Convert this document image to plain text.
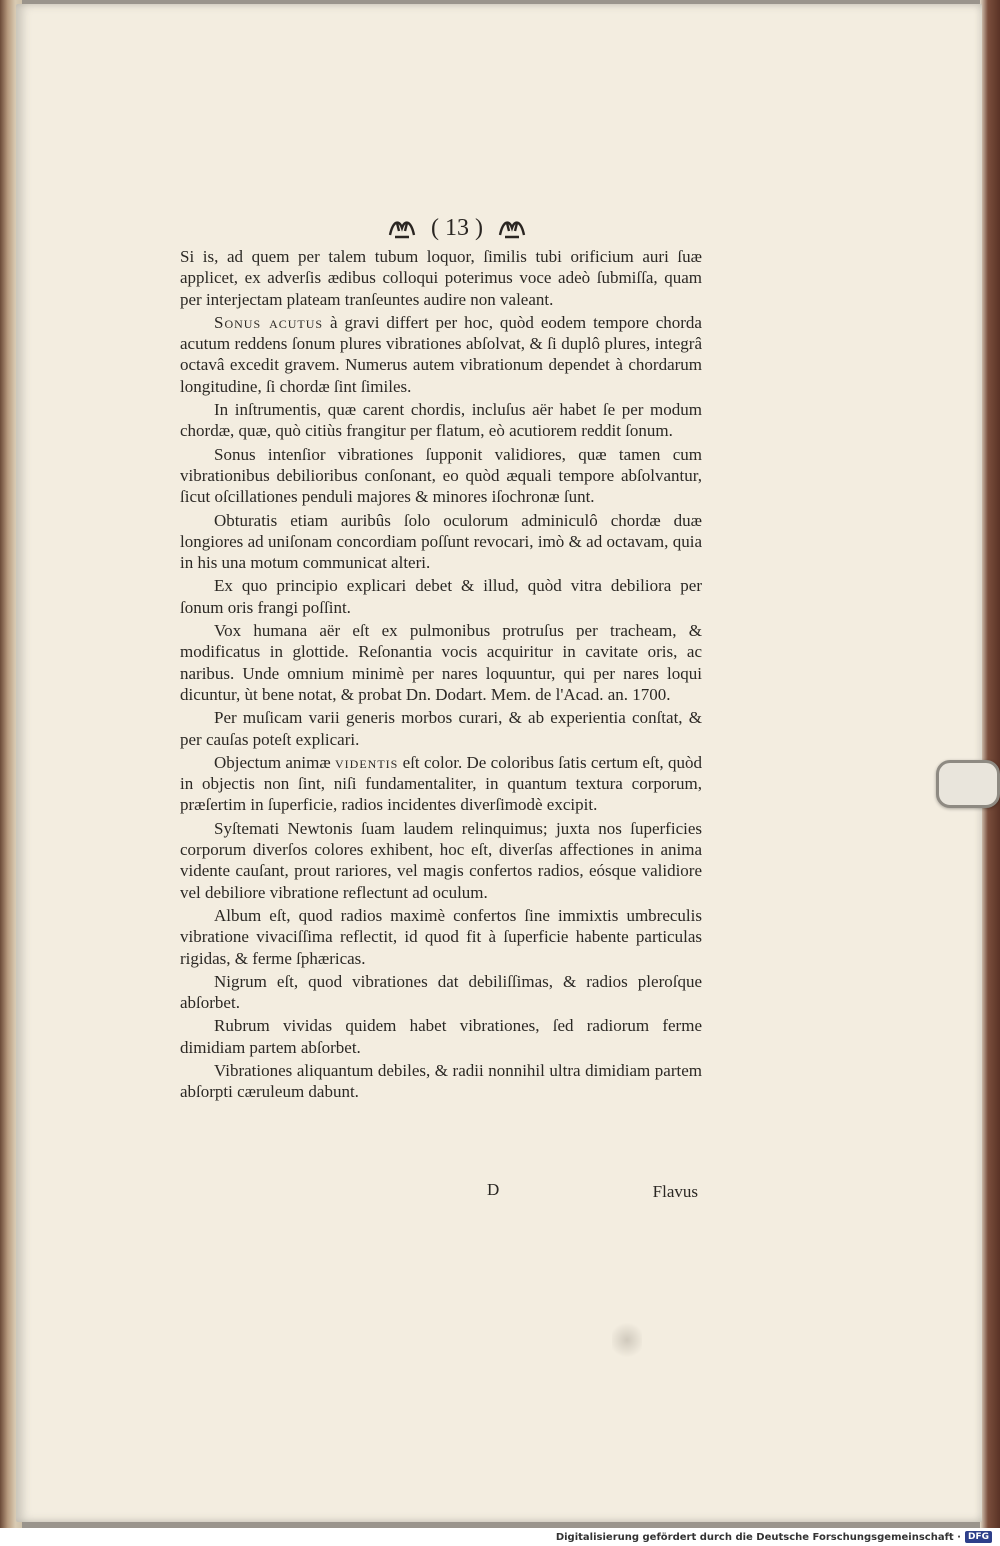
( 13 )

Si is, ad quem per talem tubum loquor, ſimilis tubi orificium auri ſuæ applicet, ex adverſis ædibus colloqui poterimus voce adeò ſubmiſſa, quam per interjectam plateam tranſeuntes audire non valeant.

Sonus acutus à gravi differt per hoc, quòd eodem tempore chorda acutum reddens ſonum plures vibrationes abſolvat, & ſi duplô plures, integrâ octavâ excedit gravem. Numerus autem vibrationum dependet à chordarum longitudine, ſi chordæ ſint ſimiles.

In inſtrumentis, quæ carent chordis, incluſus aër habet ſe per modum chordæ, quæ, quò citiùs frangitur per flatum, eò acutiorem reddit ſonum.

Sonus intenſior vibrationes ſupponit validiores, quæ tamen cum vibrationibus debilioribus conſonant, eo quòd æquali tempore abſolvantur, ſicut oſcillationes penduli majores & minores iſochronæ ſunt.

Obturatis etiam auribûs ſolo oculorum adminiculô chordæ duæ longiores ad uniſonam concordiam poſſunt revocari, imò & ad octavam, quia in his una motum communicat alteri.

Ex quo principio explicari debet & illud, quòd vitra debiliora per ſonum oris frangi poſſint.

Vox humana aër eſt ex pulmonibus protruſus per tracheam, & modificatus in glottide. Reſonantia vocis acquiritur in cavitate oris, ac naribus. Unde omnium minimè per nares loquuntur, qui per nares loqui dicuntur, ùt bene notat, & probat Dn. Dodart. Mem. de l'Acad. an. 1700.

Per muſicam varii generis morbos curari, & ab experientia conſtat, & per cauſas poteſt explicari.

Objectum animæ videntis eſt color. De coloribus ſatis certum eſt, quòd in objectis non ſint, niſi fundamentaliter, in quantum textura corporum, præſertim in ſuperficie, radios incidentes diverſimodè excipit.

Syſtemati Newtonis ſuam laudem relinquimus; juxta nos ſuperficies corporum diverſos colores exhibent, hoc eſt, diverſas affectiones in anima vidente cauſant, prout rariores, vel magis confertos radios, eósque validiore vel debiliore vibratione reflectunt ad oculum.

Album eſt, quod radios maximè confertos ſine immixtis umbreculis vibratione vivaciſſima reflectit, id quod fit à ſuperficie habente particulas rigidas, & ferme ſphæricas.

Nigrum eſt, quod vibrationes dat debiliſſimas, & radios pleroſque abſorbet.

Rubrum vividas quidem habet vibrationes, ſed radiorum ferme dimidiam partem abſorbet.

Vibrationes aliquantum debiles, & radii nonnihil ultra dimidiam partem abſorpti cæruleum dabunt.

D	Flavus
Digitalisierung gefördert durch die Deutsche Forschungsgemeinschaft · DFG
